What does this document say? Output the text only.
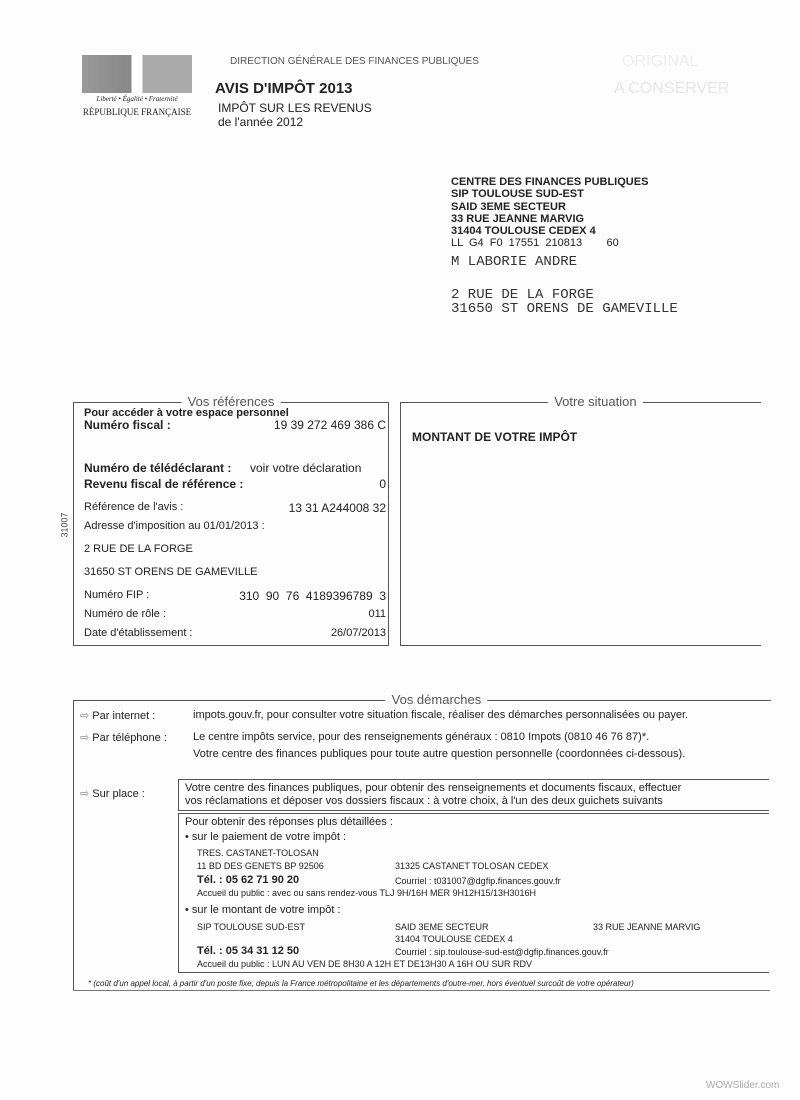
Liberté • Égalité • Fraternité
RÉPUBLIQUE FRANÇAISE
DIRECTION GÉNÉRALE DES FINANCES PUBLIQUES
AVIS D'IMPÔT 2013
IMPÔT SUR LES REVENUS
de l'année 2012
ORIGINAL
A CONSERVER
CENTRE DES FINANCES PUBLIQUES
SIP TOULOUSE SUD-EST
SAID 3EME SECTEUR
33 RUE JEANNE MARVIG
31404 TOULOUSE CEDEX 4
LL  G4  F0  17551  210813        60
M LABORIE ANDRE
2 RUE DE LA FORGE
31650 ST ORENS DE GAMEVILLE
31007
Vos références
Pour accéder à votre espace personnel
Numéro fiscal :	19 39 272 469 386 C
Numéro de télédéclarant : voir votre déclaration
Revenu fiscal de référence :	0
Référence de l'avis :	13 31 A244008 32
Adresse d'imposition au 01/01/2013 :
2 RUE DE LA FORGE
31650 ST ORENS DE GAMEVILLE
Numéro FIP :	310  90  76  4189396789  3
Numéro de rôle :	011
Date d'établissement :	26/07/2013
Votre situation
MONTANT DE VOTRE IMPÔT
Vos démarches
⇨ Par internet :	impots.gouv.fr, pour consulter votre situation fiscale, réaliser des démarches personnalisées ou payer.
⇨ Par téléphone : Le centre impôts service, pour des renseignements généraux : 0810 Impots (0810 46 76 87)*.
Votre centre des finances publiques pour toute autre question personnelle (coordonnées ci-dessous).
⇨ Sur place :	Votre centre des finances publiques, pour obtenir des renseignements et documents fiscaux, effectuer
vos réclamations et déposer vos dossiers fiscaux : à votre choix, à l'un des deux guichets suivants
Pour obtenir des réponses plus détaillées :
• sur le paiement de votre impôt :
TRES. CASTANET-TOLOSAN
11 BD DES GENETS BP 92506	31325 CASTANET TOLOSAN CEDEX
Tél. : 05 62 71 90 20	Courriel : t031007@dgfip.finances.gouv.fr
Accueil du public : avec ou sans rendez-vous TLJ 9H/16H MER 9H12H15/13H3016H
• sur le montant de votre impôt :
SIP TOULOUSE SUD-EST	SAID 3EME SECTEUR	33 RUE JEANNE MARVIG
31404 TOULOUSE CEDEX 4
Tél. : 05 34 31 12 50	Courriel : sip.toulouse-sud-est@dgfip.finances.gouv.fr
Accueil du public : LUN AU VEN DE 8H30 A 12H ET DE13H30 A 16H OU SUR RDV
* (coût d'un appel local, à partir d'un poste fixe, depuis la France métropolitaine et les départements d'outre-mer, hors éventuel surcoût de votre opérateur)
WOWSlider.com
